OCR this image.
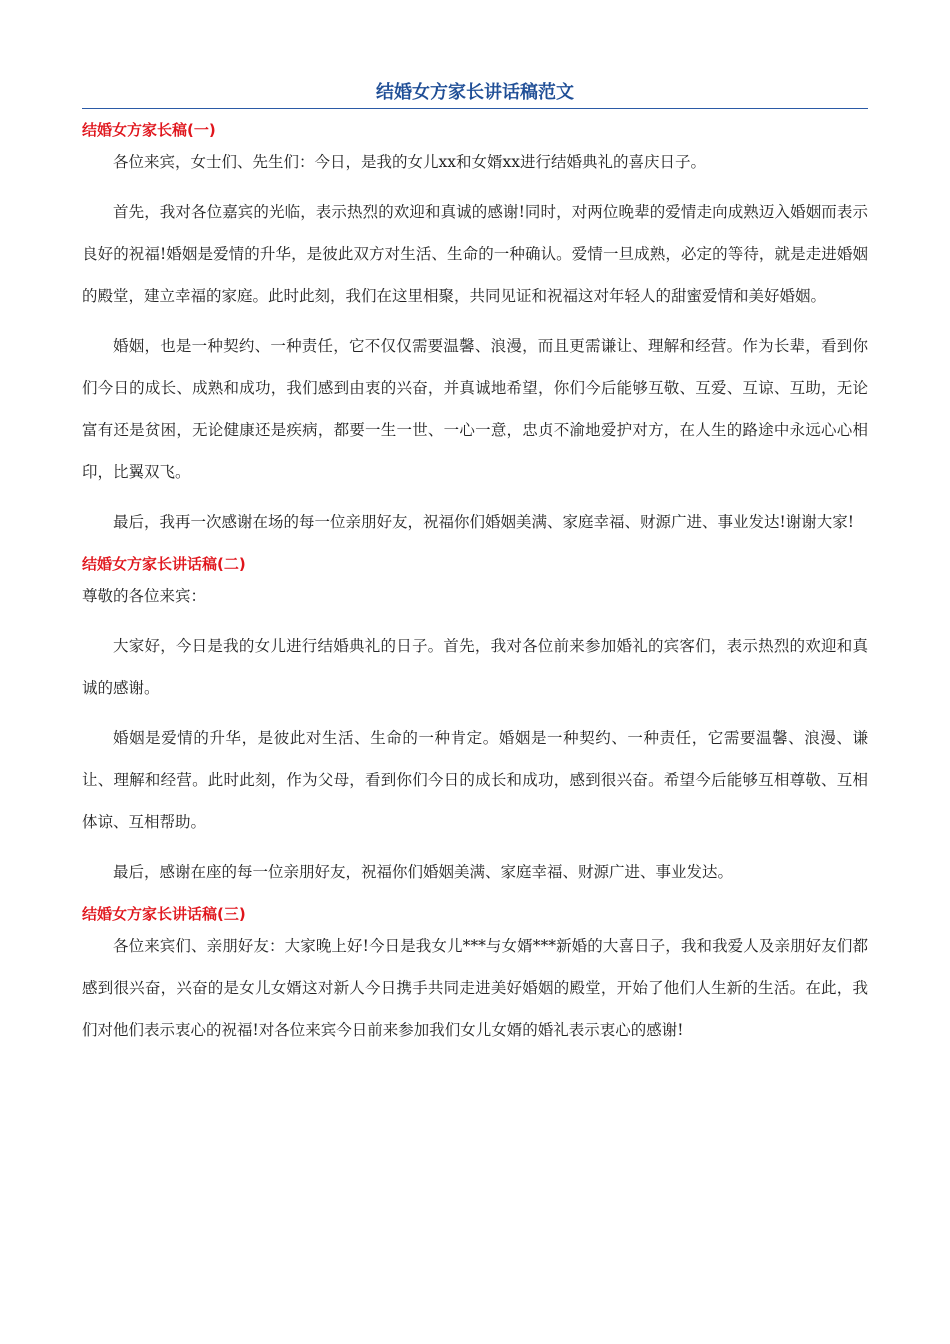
结婚女方家长讲话稿范文
结婚女方家长稿(一)

各位来宾，女士们、先生们：今日，是我的女儿xx和女婿xx进行结婚典礼的喜庆日子。

首先，我对各位嘉宾的光临，表示热烈的欢迎和真诚的感谢!同时，对两位晚辈的爱情走向成熟迈入婚姻而表示良好的祝福!婚姻是爱情的升华，是彼此双方对生活、生命的一种确认。爱情一旦成熟，必定的等待，就是走进婚姻的殿堂，建立幸福的家庭。此时此刻，我们在这里相聚，共同见证和祝福这对年轻人的甜蜜爱情和美好婚姻。

婚姻，也是一种契约、一种责任，它不仅仅需要温馨、浪漫，而且更需谦让、理解和经营。作为长辈，看到你们今日的成长、成熟和成功，我们感到由衷的兴奋，并真诚地希望，你们今后能够互敬、互爱、互谅、互助，无论富有还是贫困，无论健康还是疾病，都要一生一世、一心一意，忠贞不渝地爱护对方，在人生的路途中永远心心相印，比翼双飞。

最后，我再一次感谢在场的每一位亲朋好友，祝福你们婚姻美满、家庭幸福、财源广进、事业发达!谢谢大家!

结婚女方家长讲话稿(二)

尊敬的各位来宾：

大家好，今日是我的女儿进行结婚典礼的日子。首先，我对各位前来参加婚礼的宾客们，表示热烈的欢迎和真诚的感谢。

婚姻是爱情的升华，是彼此对生活、生命的一种肯定。婚姻是一种契约、一种责任，它需要温馨、浪漫、谦让、理解和经营。此时此刻，作为父母，看到你们今日的成长和成功，感到很兴奋。希望今后能够互相尊敬、互相体谅、互相帮助。

最后，感谢在座的每一位亲朋好友，祝福你们婚姻美满、家庭幸福、财源广进、事业发达。

结婚女方家长讲话稿(三)

各位来宾们、亲朋好友：大家晚上好!今日是我女儿***与女婿***新婚的大喜日子，我和我爱人及亲朋好友们都感到很兴奋，兴奋的是女儿女婿这对新人今日携手共同走进美好婚姻的殿堂，开始了他们人生新的生活。在此，我们对他们表示衷心的祝福!对各位来宾今日前来参加我们女儿女婿的婚礼表示衷心的感谢!
